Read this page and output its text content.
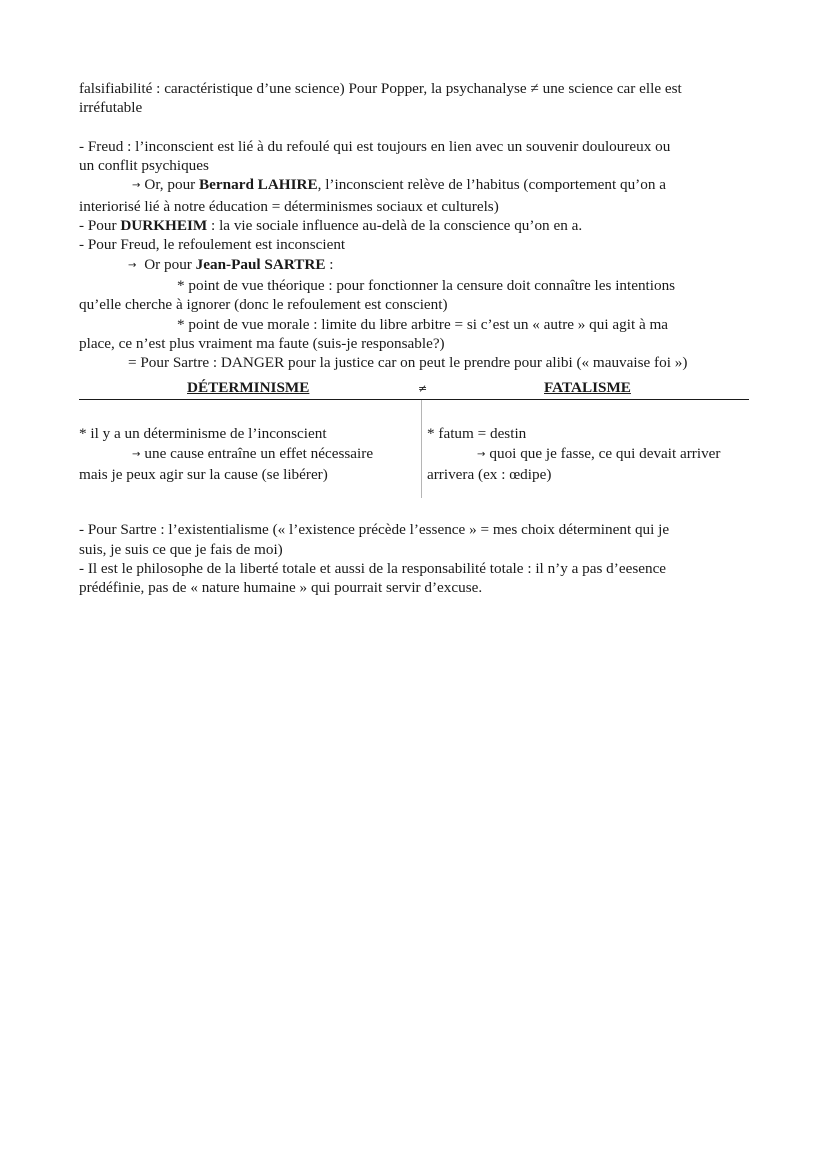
falsifiabilité : caractéristique d’une science) Pour Popper, la psychanalyse ≠ une science car elle est
irréfutable
- Freud : l’inconscient est lié à du refoulé qui est toujours en lien avec un souvenir douloureux ou
un conflit psychiques
→ Or, pour Bernard LAHIRE, l’inconscient relève de l’habitus (comportement qu’on a
interiorisé lié à notre éducation = déterminismes sociaux et culturels)
- Pour DURKHEIM : la vie sociale influence au-delà de la conscience qu’on en a.
- Pour Freud, le refoulement est inconscient
→ Or pour Jean-Paul SARTRE :
* point de vue théorique : pour fonctionner la censure doit connaître les intentions
qu’elle cherche à ignorer (donc le refoulement est conscient)
* point de vue morale : limite du libre arbitre = si c’est un « autre » qui agit à ma
place, ce n’est plus vraiment ma faute (suis-je responsable?)
= Pour Sartre : DANGER pour la justice car on peut le prendre pour alibi (« mauvaise foi »)
DÉTERMINISME	≠	FATALISME
* il y a un déterminisme de l’inconscient
→ une cause entraîne un effet nécessaire
mais je peux agir sur la cause (se libérer)
* fatum = destin
→ quoi que je fasse, ce qui devait arriver
arrivera (ex : œdipe)
- Pour Sartre : l’existentialisme (« l’existence précède l’essence » = mes choix déterminent qui je
suis, je suis ce que je fais de moi)
- Il est le philosophe de la liberté totale et aussi de la responsabilité totale : il n’y a pas d’eesence
prédéfinie, pas de « nature humaine » qui pourrait servir d’excuse.
